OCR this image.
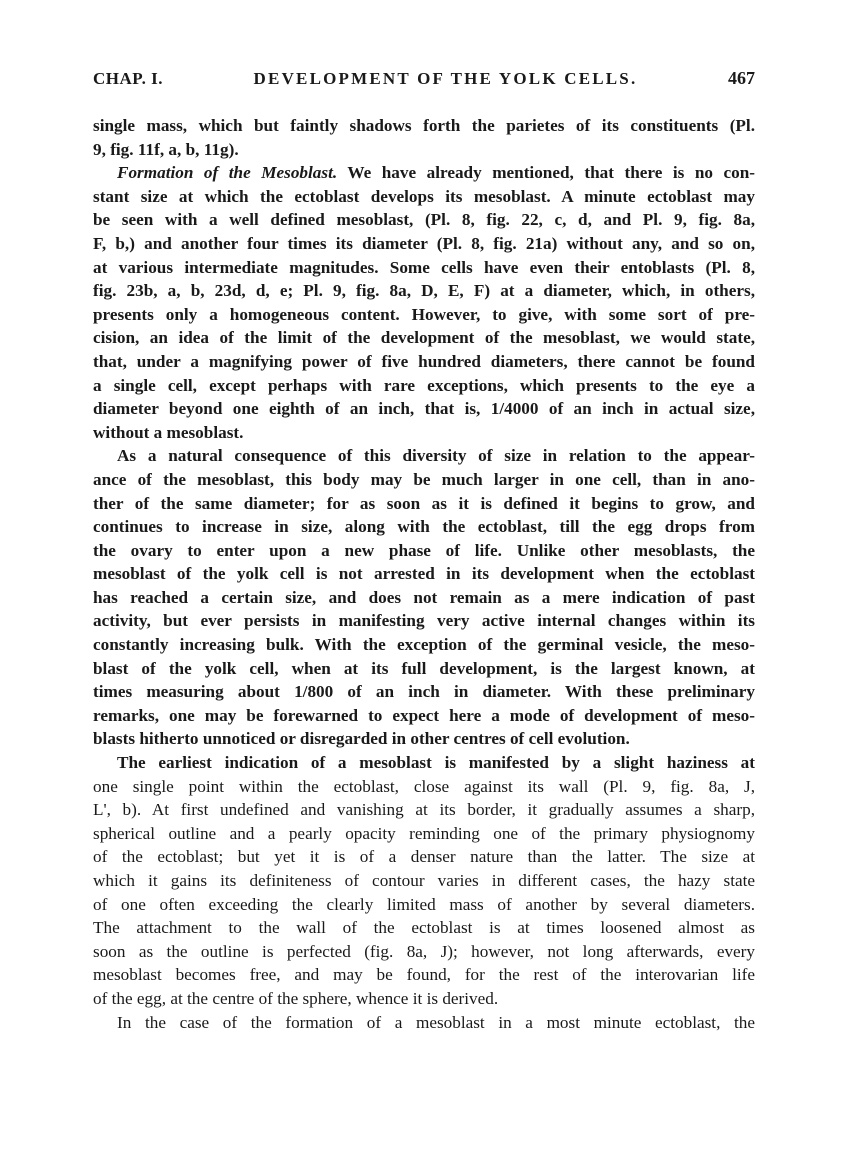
CHAP. I.	DEVELOPMENT OF THE YOLK CELLS.	467
single mass, which but faintly shadows forth the parietes of its constituents (Pl.
9, fig. 11f, a, b, 11g).
Formation of the Mesoblast. We have already mentioned, that there is no con-
stant size at which the ectoblast develops its mesoblast. A minute ectoblast may
be seen with a well defined mesoblast, (Pl. 8, fig. 22, c, d, and Pl. 9, fig. 8a,
F, b,) and another four times its diameter (Pl. 8, fig. 21a) without any, and so on,
at various intermediate magnitudes. Some cells have even their entoblasts (Pl. 8,
fig. 23b, a, b, 23d, d, e; Pl. 9, fig. 8a, D, E, F) at a diameter, which, in others,
presents only a homogeneous content. However, to give, with some sort of pre-
cision, an idea of the limit of the development of the mesoblast, we would state,
that, under a magnifying power of five hundred diameters, there cannot be found
a single cell, except perhaps with rare exceptions, which presents to the eye a
diameter beyond one eighth of an inch, that is, 1/4000 of an inch in actual size,
without a mesoblast.
As a natural consequence of this diversity of size in relation to the appear-
ance of the mesoblast, this body may be much larger in one cell, than in ano-
ther of the same diameter; for as soon as it is defined it begins to grow, and
continues to increase in size, along with the ectoblast, till the egg drops from
the ovary to enter upon a new phase of life. Unlike other mesoblasts, the
mesoblast of the yolk cell is not arrested in its development when the ectoblast
has reached a certain size, and does not remain as a mere indication of past
activity, but ever persists in manifesting very active internal changes within its
constantly increasing bulk. With the exception of the germinal vesicle, the meso-
blast of the yolk cell, when at its full development, is the largest known, at
times measuring about 1/800 of an inch in diameter. With these preliminary
remarks, one may be forewarned to expect here a mode of development of meso-
blasts hitherto unnoticed or disregarded in other centres of cell evolution.
The earliest indication of a mesoblast is manifested by a slight haziness at
one single point within the ectoblast, close against its wall (Pl. 9, fig. 8a, J,
L', b). At first undefined and vanishing at its border, it gradually assumes a sharp,
spherical outline and a pearly opacity reminding one of the primary physiognomy
of the ectoblast; but yet it is of a denser nature than the latter. The size at
which it gains its definiteness of contour varies in different cases, the hazy state
of one often exceeding the clearly limited mass of another by several diameters.
The attachment to the wall of the ectoblast is at times loosened almost as
soon as the outline is perfected (fig. 8a, J); however, not long afterwards, every
mesoblast becomes free, and may be found, for the rest of the interovarian life
of the egg, at the centre of the sphere, whence it is derived.
In the case of the formation of a mesoblast in a most minute ectoblast, the
